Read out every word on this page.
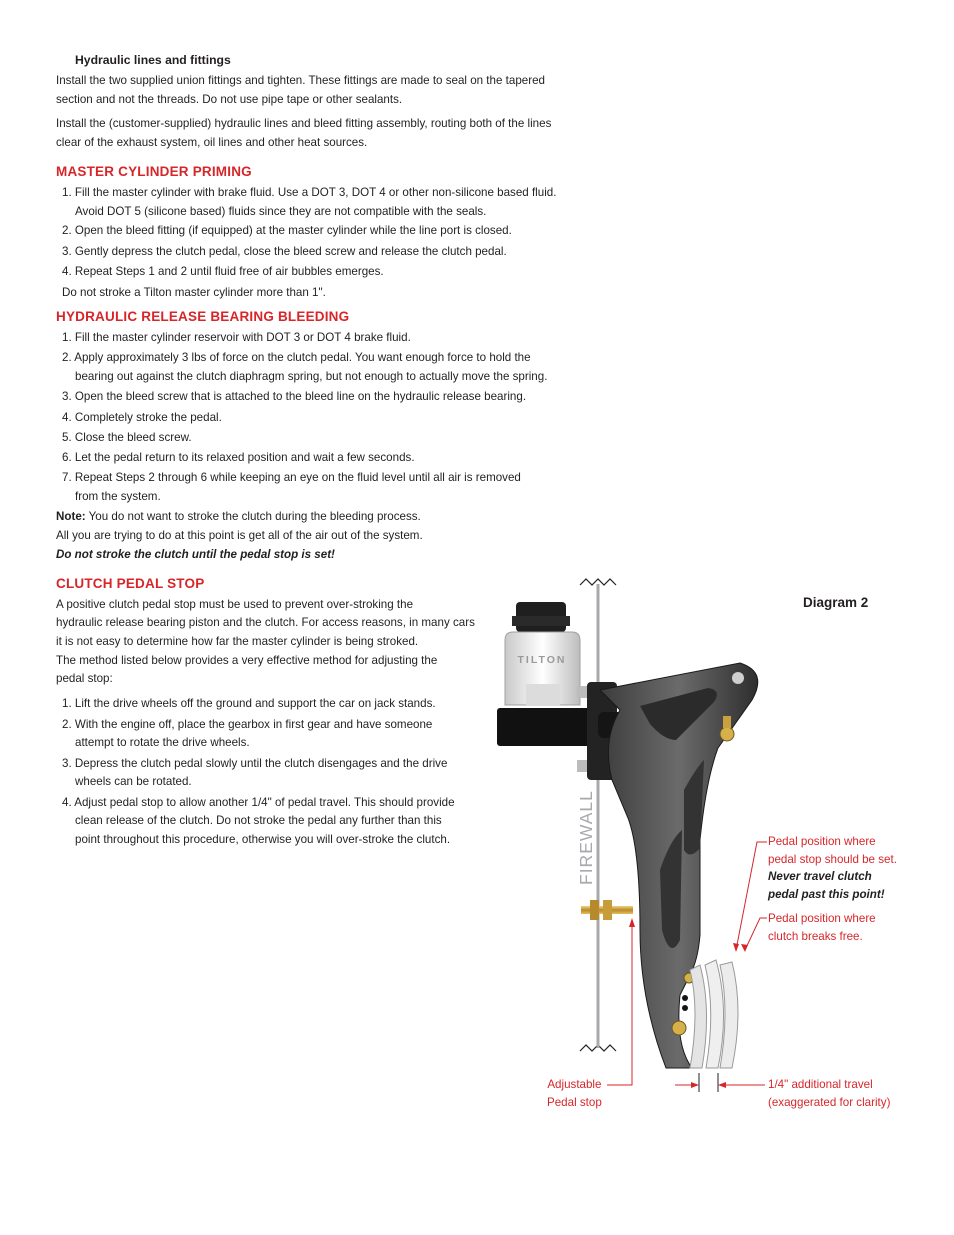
Hydraulic lines and fittings
Install the two supplied union fittings and tighten. These fittings are made to seal on the tapered
section and not the threads. Do not use pipe tape or other sealants.
Install the (customer-supplied) hydraulic lines and bleed fitting assembly, routing both of the lines
clear of the exhaust system, oil lines and other heat sources.
MASTER CYLINDER PRIMING
1. Fill the master cylinder with brake fluid. Use a DOT 3, DOT 4 or other non-silicone based fluid.
Avoid DOT 5 (silicone based) fluids since they are not compatible with the seals.
2. Open the bleed fitting (if equipped) at the master cylinder while the line port is closed.
3. Gently depress the clutch pedal, close the bleed screw and release the clutch pedal.
4. Repeat Steps 1 and 2 until fluid free of air bubbles emerges.
Do not stroke a Tilton master cylinder more than 1".
HYDRAULIC RELEASE BEARING BLEEDING
1. Fill the master cylinder reservoir with DOT 3 or DOT 4 brake fluid.
2. Apply approximately 3 lbs of force on the clutch pedal. You want enough force to hold the
bearing out against the clutch diaphragm spring, but not enough to actually move the spring.
3. Open the bleed screw that is attached to the bleed line on the hydraulic release bearing.
4. Completely stroke the pedal.
5. Close the bleed screw.
6. Let the pedal return to its relaxed position and wait a few seconds.
7. Repeat Steps 2 through 6 while keeping an eye on the fluid level until all air is removed
from the system.
Note: You do not want to stroke the clutch during the bleeding process.
All you are trying to do at this point is get all of the air out of the system.
Do not stroke the clutch until the pedal stop is set!
CLUTCH PEDAL STOP
A positive clutch pedal stop must be used to prevent over-stroking the
hydraulic release bearing piston and the clutch. For access reasons, in many cars
it is not easy to determine how far the master cylinder is being stroked.
The method listed below provides a very effective method for adjusting the
pedal stop:
1. Lift the drive wheels off the ground and support the car on jack stands.
2. With the engine off, place the gearbox in first gear and have someone
attempt to rotate the drive wheels.
3. Depress the clutch pedal slowly until the clutch disengages and the drive
wheels can be rotated.
4. Adjust pedal stop to allow another 1/4" of pedal travel. This should provide
clean release of the clutch. Do not stroke the pedal any further than this
point throughout this procedure, otherwise you will over-stroke the clutch.
Diagram 2
TILTON
FIREWALL	Pedal position where
pedal stop should be set.
Never travel clutch
pedal past this point!
Pedal position where
clutch breaks free.
Adjustable
Pedal stop
1/4" additional travel
(exaggerated for clarity)
